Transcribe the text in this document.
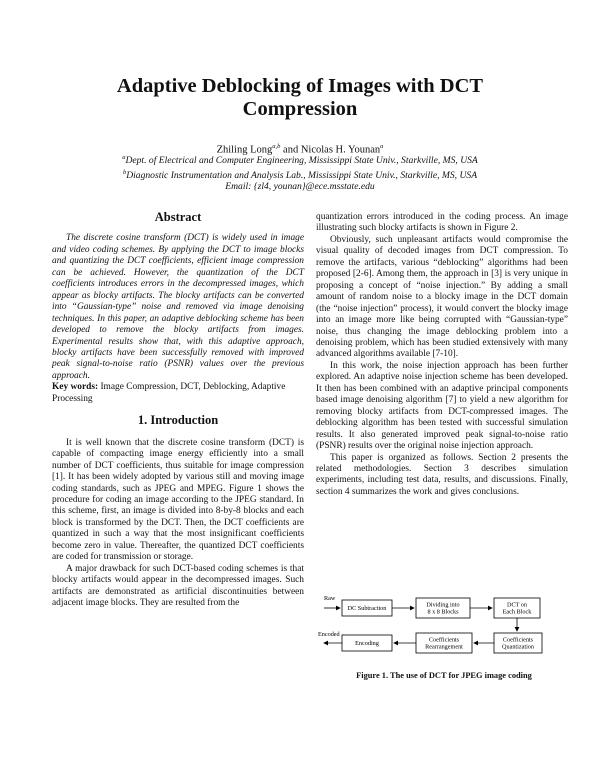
Adaptive Deblocking of Images with DCT Compression
Zhiling Long$^{a,b}$ and Nicolas H. Younan$^a$
$^a$Dept. of Electrical and Computer Engineering, Mississippi State Univ., Starkville, MS, USA
$^b$Diagnostic Instrumentation and Analysis Lab., Mississippi State Univ., Starkville, MS, USA
Email: {zl4, younan}@ece.msstate.edu
Abstract

The discrete cosine transform (DCT) is widely used in image and video coding schemes. By applying the DCT to image blocks and quantizing the DCT coefficients, efficient image compression can be achieved. However, the quantization of the DCT coefficients introduces errors in the decompressed images, which appear as blocky artifacts. The blocky artifacts can be converted into “Gaussian-type” noise and removed via image denoising techniques. In this paper, an adaptive deblocking scheme has been developed to remove the blocky artifacts from images. Experimental results show that, with this adaptive approach, blocky artifacts have been successfully removed with improved peak signal-to-noise ratio (PSNR) values over the previous approach.

Key words: Image Compression, DCT, Deblocking, Adaptive Processing

1. Introduction

It is well known that the discrete cosine transform (DCT) is capable of compacting image energy efficiently into a small number of DCT coefficients, thus suitable for image compression [1]. It has been widely adopted by various still and moving image coding standards, such as JPEG and MPEG. Figure 1 shows the procedure for coding an image according to the JPEG standard. In this scheme, first, an image is divided into 8-by-8 blocks and each block is transformed by the DCT. Then, the DCT coefficients are quantized in such a way that the most insignificant coefficients become zero in value. Thereafter, the quantized DCT coefficients are coded for transmission or storage.

A major drawback for such DCT-based coding schemes is that blocky artifacts would appear in the decompressed images. Such artifacts are demonstrated as artificial discontinuities between adjacent image blocks. They are resulted from the

quantization errors introduced in the coding process. An image illustrating such blocky artifacts is shown in Figure 2.

Obviously, such unpleasant artifacts would compromise the visual quality of decoded images from DCT compression. To remove the artifacts, various “deblocking” algorithms had been proposed [2-6]. Among them, the approach in [3] is very unique in proposing a concept of “noise injection.” By adding a small amount of random noise to a blocky image in the DCT domain (the “noise injection” process), it would convert the blocky image into an image more like being corrupted with “Gaussian-type” noise, thus changing the image deblocking problem into a denoising problem, which has been studied extensively with many advanced algorithms available [7-10].

In this work, the noise injection approach has been further explored. An adaptive noise injection scheme has been developed. It then has been combined with an adaptive principal components based image denoising algorithm [7] to yield a new algorithm for removing blocky artifacts from DCT-compressed images. The deblocking algorithm has been tested with successful simulation results. It also generated improved peak signal-to-noise ratio (PSNR) results over the original noise injection approach.

This paper is organized as follows. Section 2 presents the related methodologies. Section 3 describes simulation experiments, including test data, results, and discussions. Finally, section 4 summarizes the work and gives conclusions.

Raw
DC Subtraction	Dividing into
8 x 8 Blocks
DCT on
Each Block
Coefficients
Quantization
Coefficients
Rearrangement
Encoding
Encoded
Figure 1. The use of DCT for JPEG image coding
